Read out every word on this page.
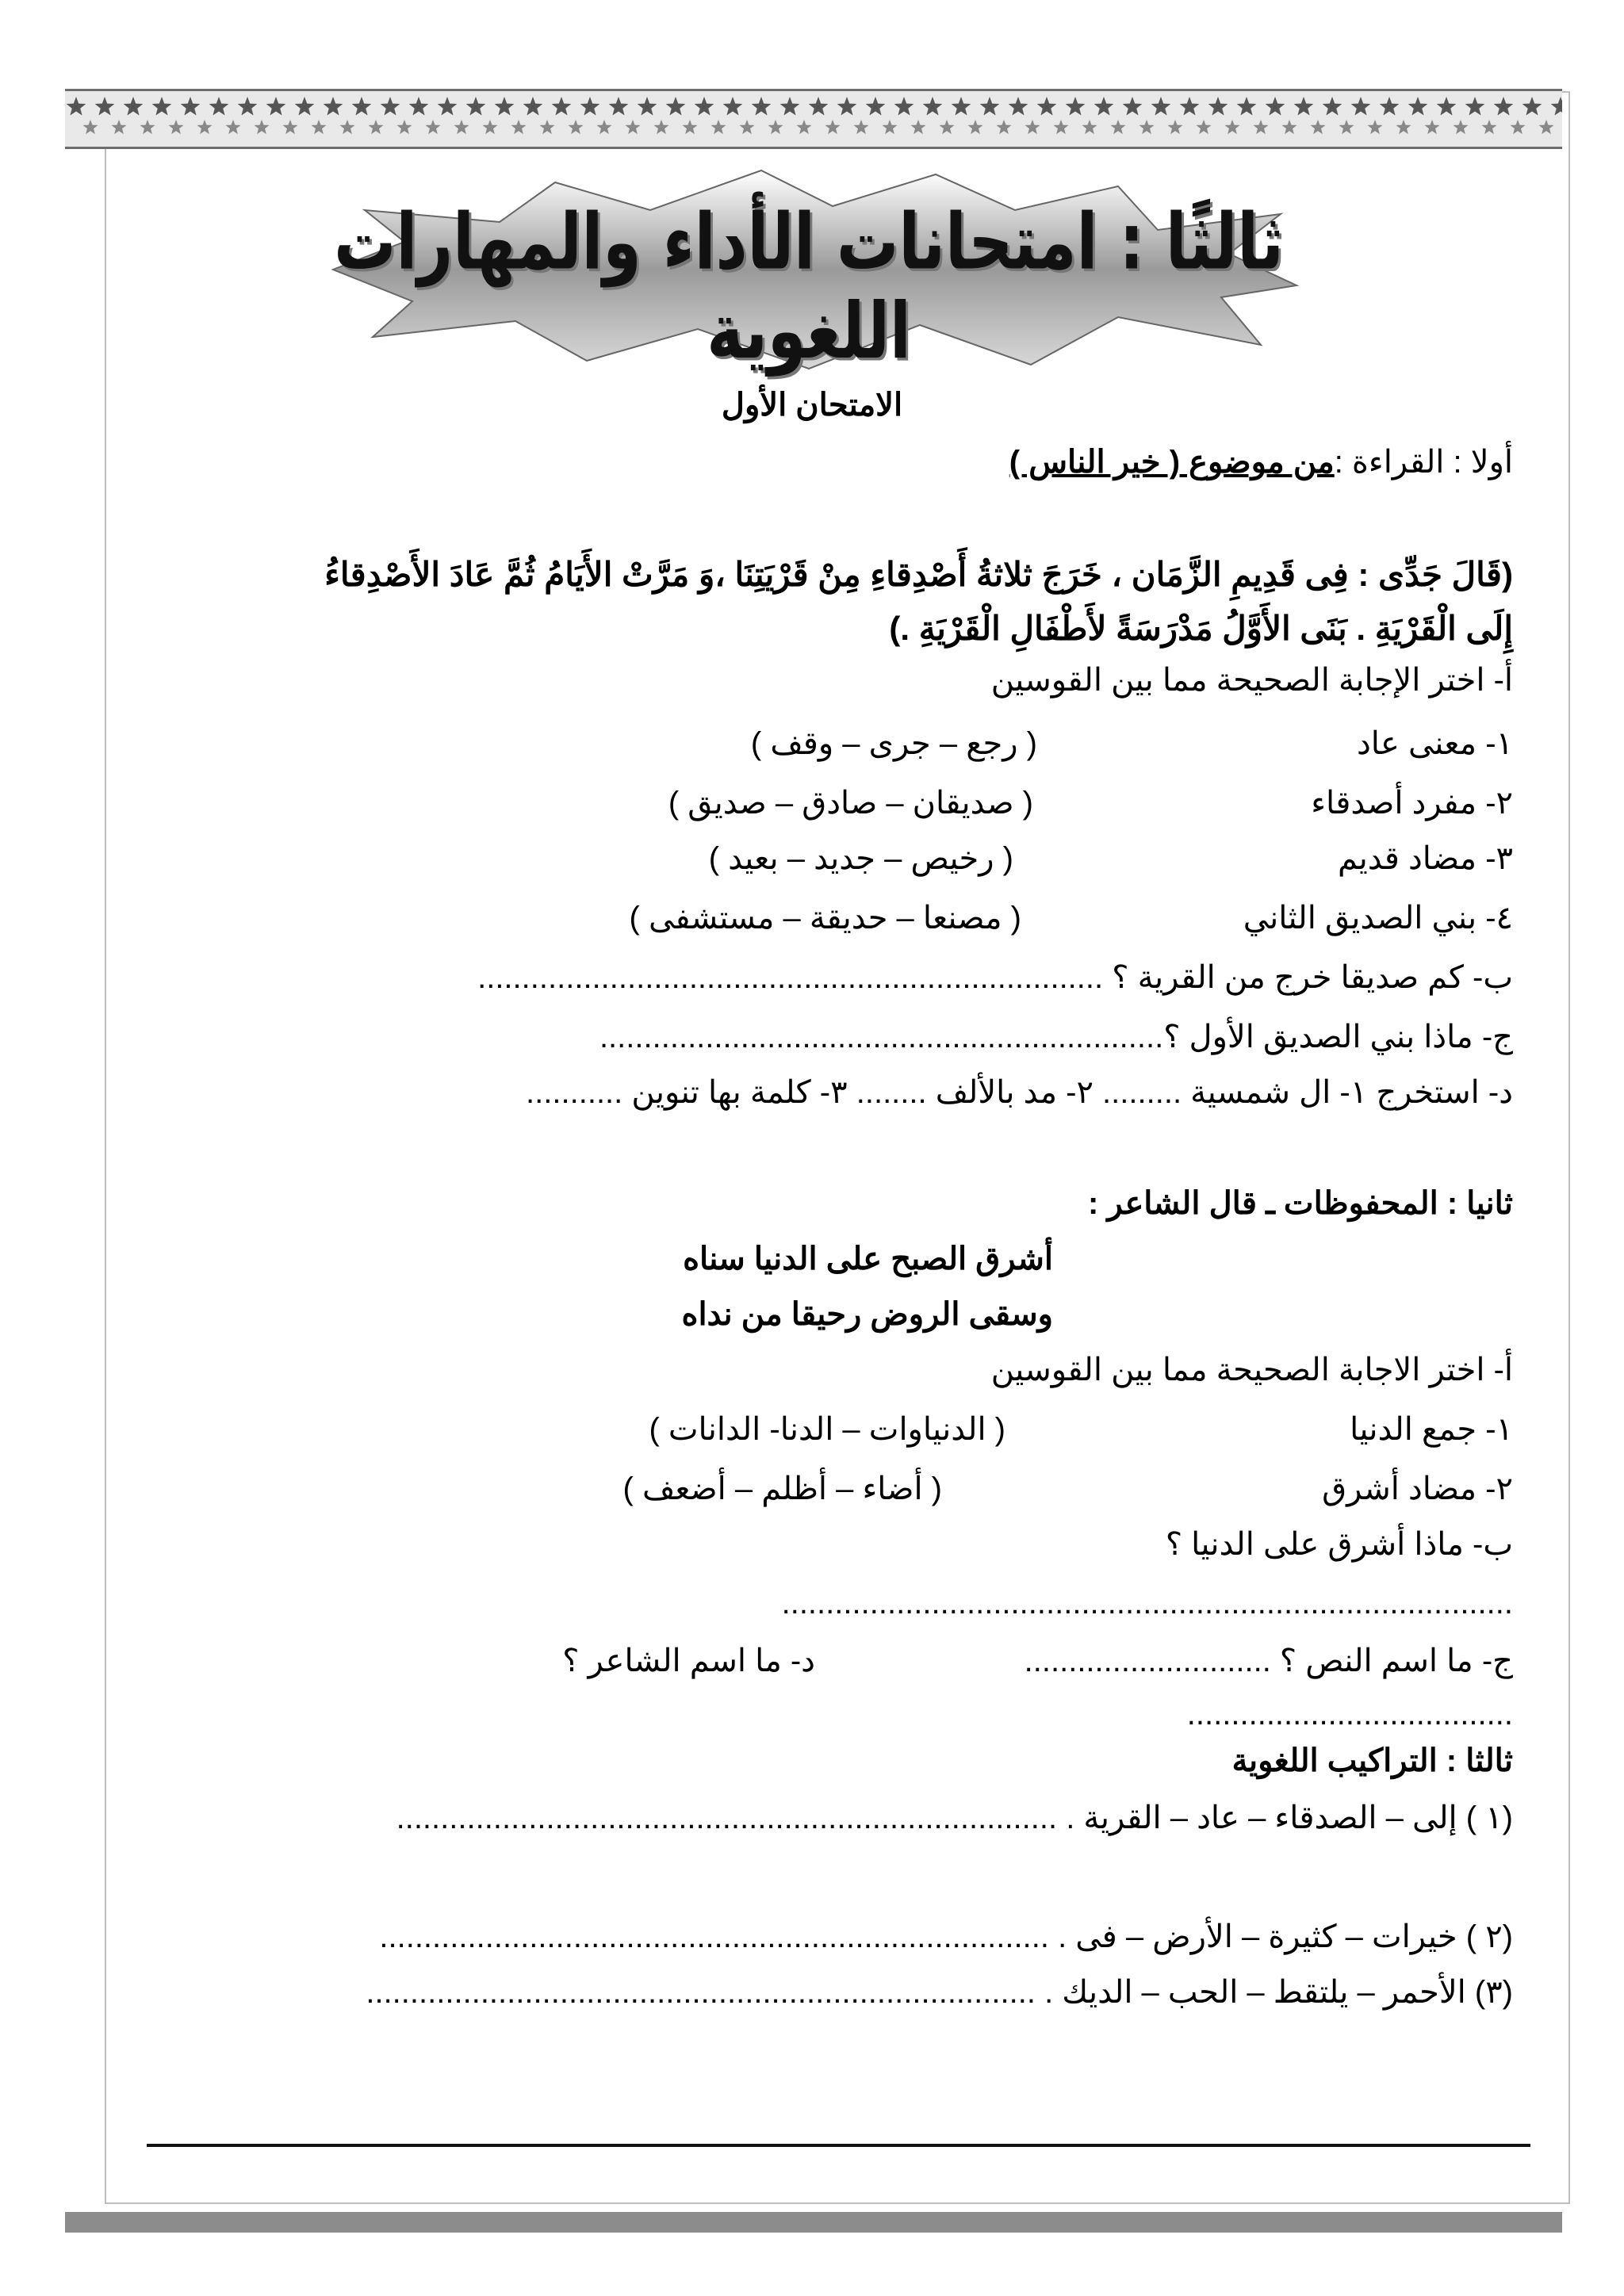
ثالثًا : امتحانات الأداء والمهارات اللغوية
الامتحان الأول
أولا : القراءة :من موضوع ( خير الناس )
(قَالَ جَدِّى : فِى قَدِيمِ الزَّمَان ، خَرَجَ ثلاثةُ أَصْدِقاءِ مِنْ قَرْيَتِنَا ،وَ مَرَّتْ الأَيَامُ ثُمَّ عَادَ الأَصْدِقاءُ
إِلَى الْقَرْيَةِ . بَنَى الأَوَّلُ مَدْرَسَةً لأَطْفَالِ الْقَرْيَةِ .)
أ- اختر الإجابة الصحيحة مما بين القوسين
١- معنى عاد
( رجع – جرى – وقف )
٢- مفرد أصدقاء
( صديقان – صادق – صديق )
٣- مضاد قديم
( رخيص – جديد – بعيد )
٤- بني الصديق الثاني
( مصنعا – حديقة – مستشفى )
ب- كم صديقا خرج من القرية ؟ .......................................................................
ج- ماذا بني الصديق الأول ؟................................................................
د- استخرج ١- ال شمسية ......... ٢- مد بالألف ........ ٣- كلمة بها تنوين ...........
ثانيا : المحفوظات ـ قال الشاعر :
أشرق الصبح على الدنيا سناه
وسقى الروض رحيقا من نداه
أ- اختر الاجابة الصحيحة مما بين القوسين
١- جمع الدنيا
( الدنياوات – الدنا- الدانات )
٢- مضاد أشرق
( أضاء – أظلم – أضعف )
ب- ماذا أشرق على الدنيا ؟
...................................................................................
ج- ما اسم النص ؟ ............................
د- ما اسم الشاعر ؟
.....................................
ثالثا : التراكيب اللغوية
(١ ) إلى – الصدقاء – عاد – القرية . ...........................................................................
(٢ ) خيرات – كثيرة – الأرض – فى . ............................................................................
(٣) الأحمر – يلتقط – الحب – الديك . ............................................................................
